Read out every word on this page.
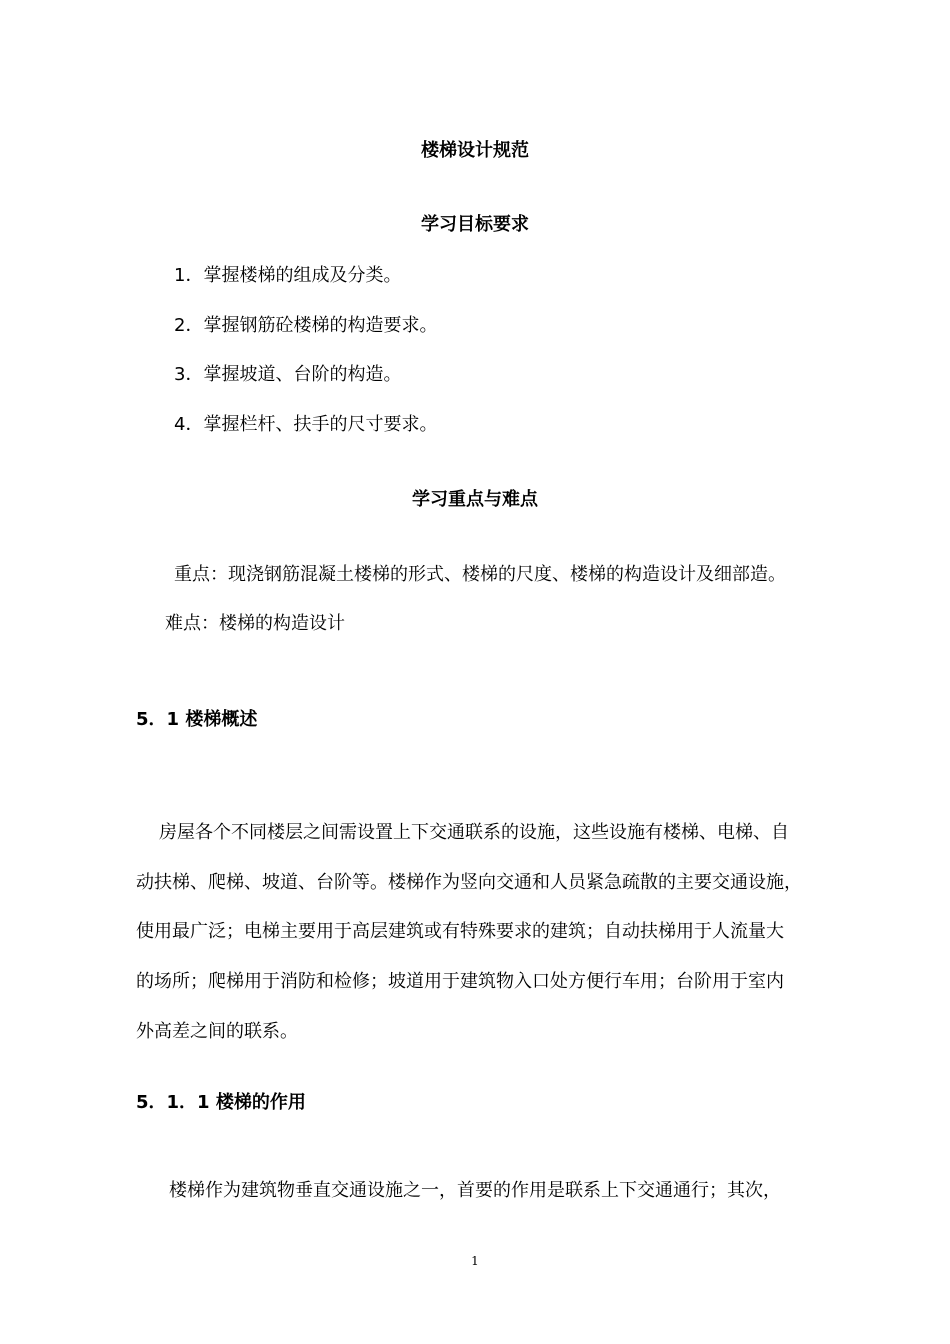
楼梯设计规范
学习目标要求
1．掌握楼梯的组成及分类。
2．掌握钢筋砼楼梯的构造要求。
3．掌握坡道、台阶的构造。
4．掌握栏杆、扶手的尺寸要求。
学习重点与难点
重点：现浇钢筋混凝土楼梯的形式、楼梯的尺度、楼梯的构造设计及细部造。
难点：楼梯的构造设计
5．1 楼梯概述
房屋各个不同楼层之间需设置上下交通联系的设施，这些设施有楼梯、电梯、自
动扶梯、爬梯、坡道、台阶等。楼梯作为竖向交通和人员紧急疏散的主要交通设施，
使用最广泛；电梯主要用于高层建筑或有特殊要求的建筑；自动扶梯用于人流量大
的场所；爬梯用于消防和检修；坡道用于建筑物入口处方便行车用；台阶用于室内
外高差之间的联系。
5．1．1 楼梯的作用
楼梯作为建筑物垂直交通设施之一，首要的作用是联系上下交通通行；其次，
1
